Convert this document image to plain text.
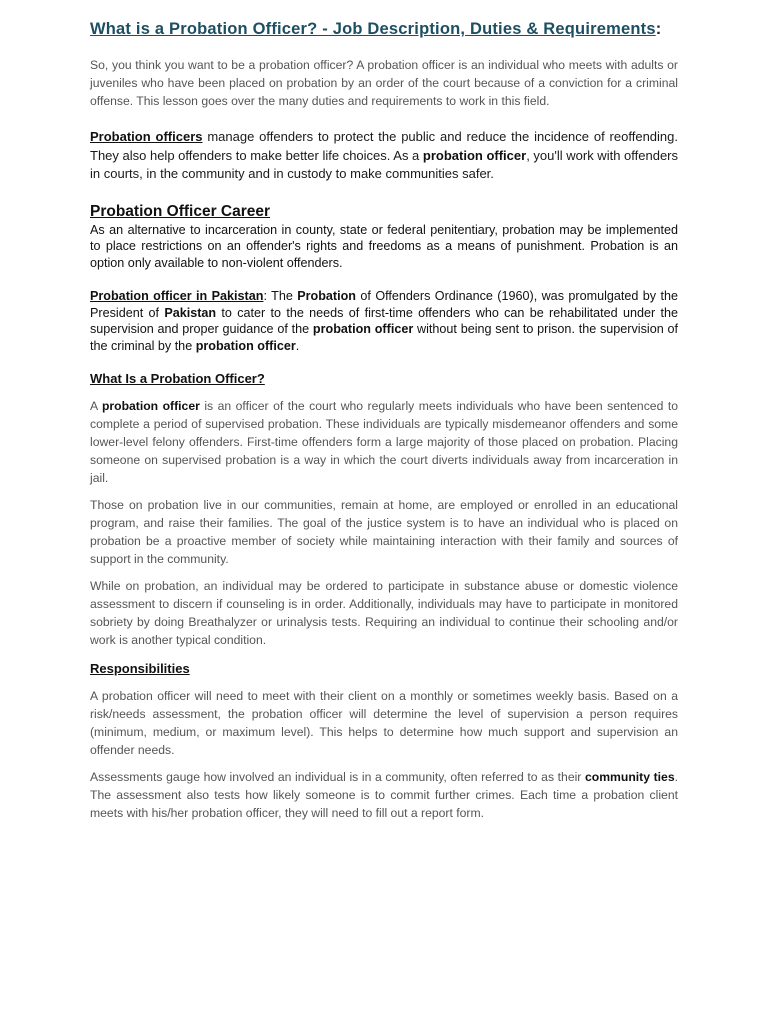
What is a Probation Officer? - Job Description, Duties & Requirements:

So, you think you want to be a probation officer? A probation officer is an individual who meets with adults or juveniles who have been placed on probation by an order of the court because of a conviction for a criminal offense. This lesson goes over the many duties and requirements to work in this field.

Probation officers manage offenders to protect the public and reduce the incidence of reoffending. They also help offenders to make better life choices. As a probation officer, you'll work with offenders in courts, in the community and in custody to make communities safer.

Probation Officer Career

As an alternative to incarceration in county, state or federal penitentiary, probation may be implemented to place restrictions on an offender's rights and freedoms as a means of punishment. Probation is an option only available to non-violent offenders.

Probation officer in Pakistan: The Probation of Offenders Ordinance (1960), was promulgated by the President of Pakistan to cater to the needs of first-time offenders who can be rehabilitated under the supervision and proper guidance of the probation officer without being sent to prison. the supervision of the criminal by the probation officer.

What Is a Probation Officer?

A probation officer is an officer of the court who regularly meets individuals who have been sentenced to complete a period of supervised probation. These individuals are typically misdemeanor offenders and some lower-level felony offenders. First-time offenders form a large majority of those placed on probation. Placing someone on supervised probation is a way in which the court diverts individuals away from incarceration in jail.

Those on probation live in our communities, remain at home, are employed or enrolled in an educational program, and raise their families. The goal of the justice system is to have an individual who is placed on probation be a proactive member of society while maintaining interaction with their family and sources of support in the community.

While on probation, an individual may be ordered to participate in substance abuse or domestic violence assessment to discern if counseling is in order. Additionally, individuals may have to participate in monitored sobriety by doing Breathalyzer or urinalysis tests. Requiring an individual to continue their schooling and/or work is another typical condition.

Responsibilities

A probation officer will need to meet with their client on a monthly or sometimes weekly basis. Based on a risk/needs assessment, the probation officer will determine the level of supervision a person requires (minimum, medium, or maximum level). This helps to determine how much support and supervision an offender needs.

Assessments gauge how involved an individual is in a community, often referred to as their community ties. The assessment also tests how likely someone is to commit further crimes. Each time a probation client meets with his/her probation officer, they will need to fill out a report form.
